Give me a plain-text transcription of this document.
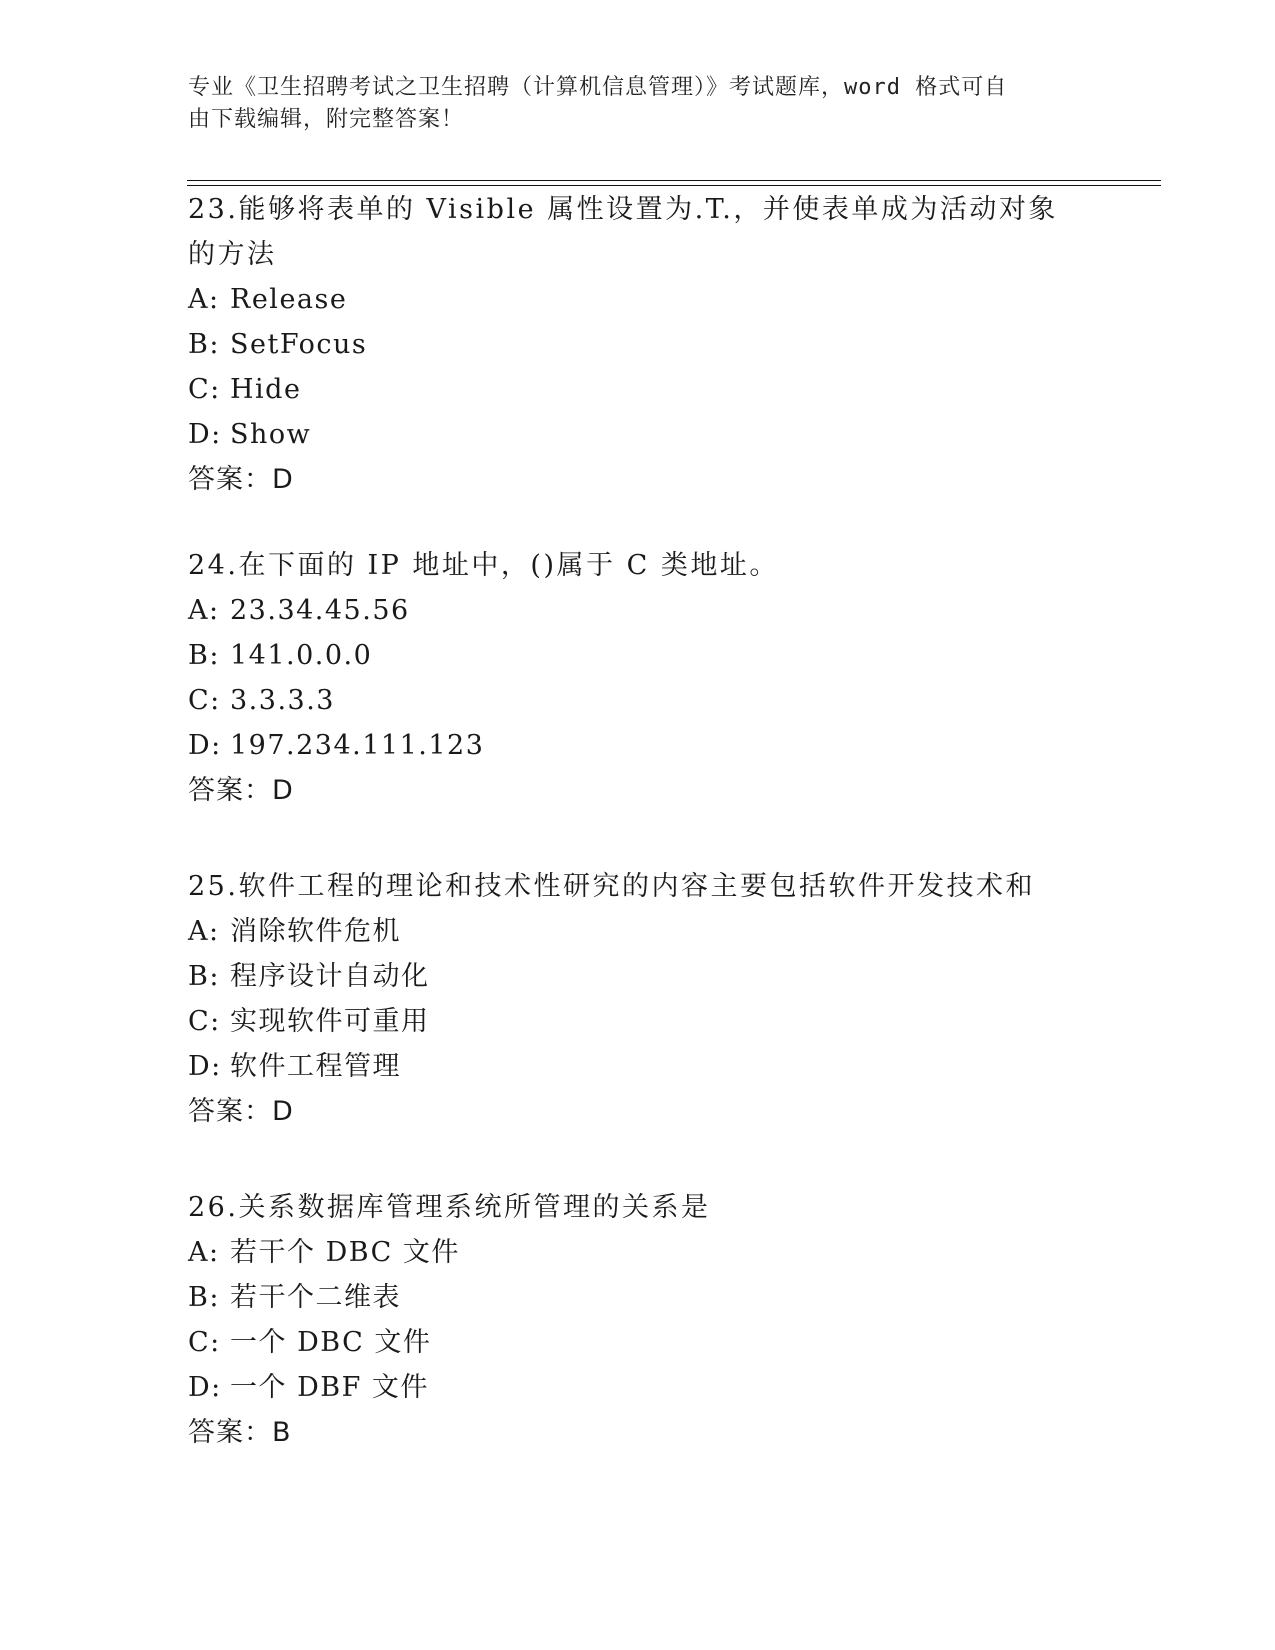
专业《卫生招聘考试之卫生招聘（计算机信息管理）》考试题库，word 格式可自
由下载编辑，附完整答案！

23.能够将表单的 Visible 属性设置为.T.，并使表单成为活动对象的方法

A: Release

B: SetFocus

C: Hide

D: Show

答案：D

24.在下面的 IP 地址中，()属于 C 类地址。

A: 23.34.45.56

B: 141.0.0.0

C: 3.3.3.3

D: 197.234.111.123

答案：D

25.软件工程的理论和技术性研究的内容主要包括软件开发技术和

A: 消除软件危机

B: 程序设计自动化

C: 实现软件可重用

D: 软件工程管理

答案：D

26.关系数据库管理系统所管理的关系是

A: 若干个 DBC 文件

B: 若干个二维表

C: 一个 DBC 文件

D: 一个 DBF 文件

答案：B
